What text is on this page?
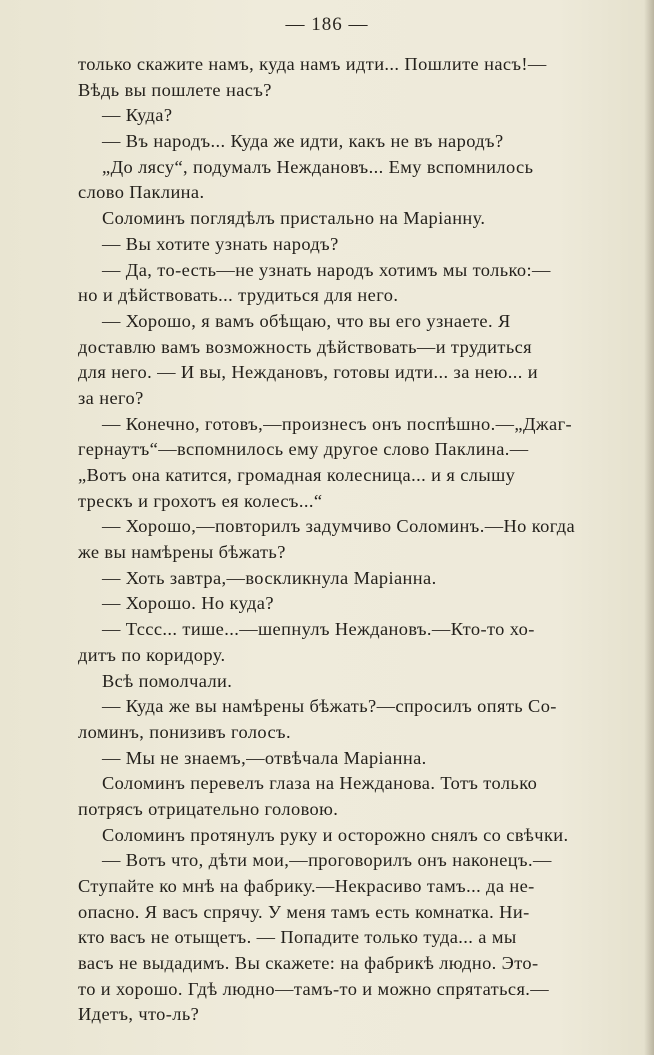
— 186 —
только скажите намъ, куда намъ идти... Пошлите насъ!—
Вѣдь вы пошлете насъ?
— Куда?
— Въ народъ... Куда же идти, какъ не въ народъ?
„До лясу“, подумалъ Неждановъ... Ему вспомнилось
слово Паклина.
Соломинъ поглядѣлъ пристально на Маріанну.
— Вы хотите узнать народъ?
— Да, то-есть—не узнать народъ хотимъ мы только:—
но и дѣйствовать... трудиться для него.
— Хорошо, я вамъ обѣщаю, что вы его узнаете. Я
доставлю вамъ возможность дѣйствовать—и трудиться
для него. — И вы, Неждановъ, готовы идти... за нею... и
за него?
— Конечно, готовъ,—произнесъ онъ поспѣшно.—„Джаг-
гернаутъ“—вспомнилось ему другое слово Паклина.—
„Вотъ она катится, громадная колесница... и я слышу
трескъ и грохотъ ея колесъ...“
— Хорошо,—повторилъ задумчиво Соломинъ.—Но когда
же вы намѣрены бѣжать?
— Хоть завтра,—воскликнула Маріанна.
— Хорошо. Но куда?
— Тссс... тише...—шепнулъ Неждановъ.—Кто-то хо-
дитъ по коридору.
Всѣ помолчали.
— Куда же вы намѣрены бѣжать?—спросилъ опять Со-
ломинъ, понизивъ голосъ.
— Мы не знаемъ,—отвѣчала Маріанна.
Соломинъ перевелъ глаза на Нежданова. Тотъ только
потрясъ отрицательно головою.
Соломинъ протянулъ руку и осторожно снялъ со свѣчки.
— Вотъ что, дѣти мои,—проговорилъ онъ наконецъ.—
Ступайте ко мнѣ на фабрику.—Некрасиво тамъ... да не-
опасно. Я васъ спрячу. У меня тамъ есть комнатка. Ни-
кто васъ не отыщетъ. — Попадите только туда... а мы
васъ не выдадимъ. Вы скажете: на фабрикѣ людно. Это-
то и хорошо. Гдѣ людно—тамъ-то и можно спрятаться.—
Идетъ, что-ль?
